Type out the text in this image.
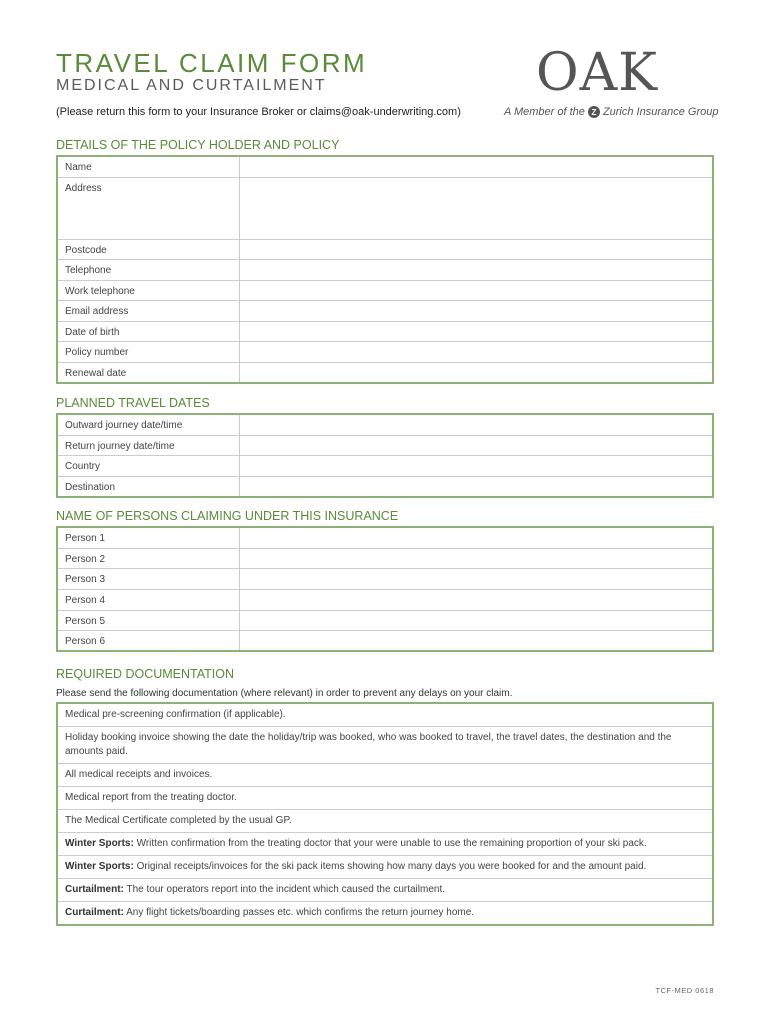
TRAVEL CLAIM FORM
MEDICAL AND CURTAILMENT
(Please return this form to your Insurance Broker or claims@oak-underwriting.com)
OAK
A Member of the Z Zurich Insurance Group
DETAILS OF THE POLICY HOLDER AND POLICY
Name	
Address	
Postcode	
Telephone	
Work telephone	
Email address	
Date of birth	
Policy number	
Renewal date	
PLANNED TRAVEL DATES
Outward journey date/time	
Return journey date/time	
Country	
Destination	
NAME OF PERSONS CLAIMING UNDER THIS INSURANCE
Person 1	
Person 2	
Person 3	
Person 4	
Person 5	
Person 6	
REQUIRED DOCUMENTATION
Please send the following documentation (where relevant) in order to prevent any delays on your claim.
Medical pre-screening confirmation (if applicable).
Holiday booking invoice showing the date the holiday/trip was booked, who was booked to travel, the travel dates, the destination and the amounts paid.
All medical receipts and invoices.
Medical report from the treating doctor.
The Medical Certificate completed by the usual GP.
Winter Sports: Written confirmation from the treating doctor that your were unable to use the remaining proportion of your ski pack.
Winter Sports: Original receipts/invoices for the ski pack items showing how many days you were booked for and the amount paid.
Curtailment: The tour operators report into the incident which caused the curtailment.
Curtailment: Any flight tickets/boarding passes etc. which confirms the return journey home.
TCF-MED 0618
